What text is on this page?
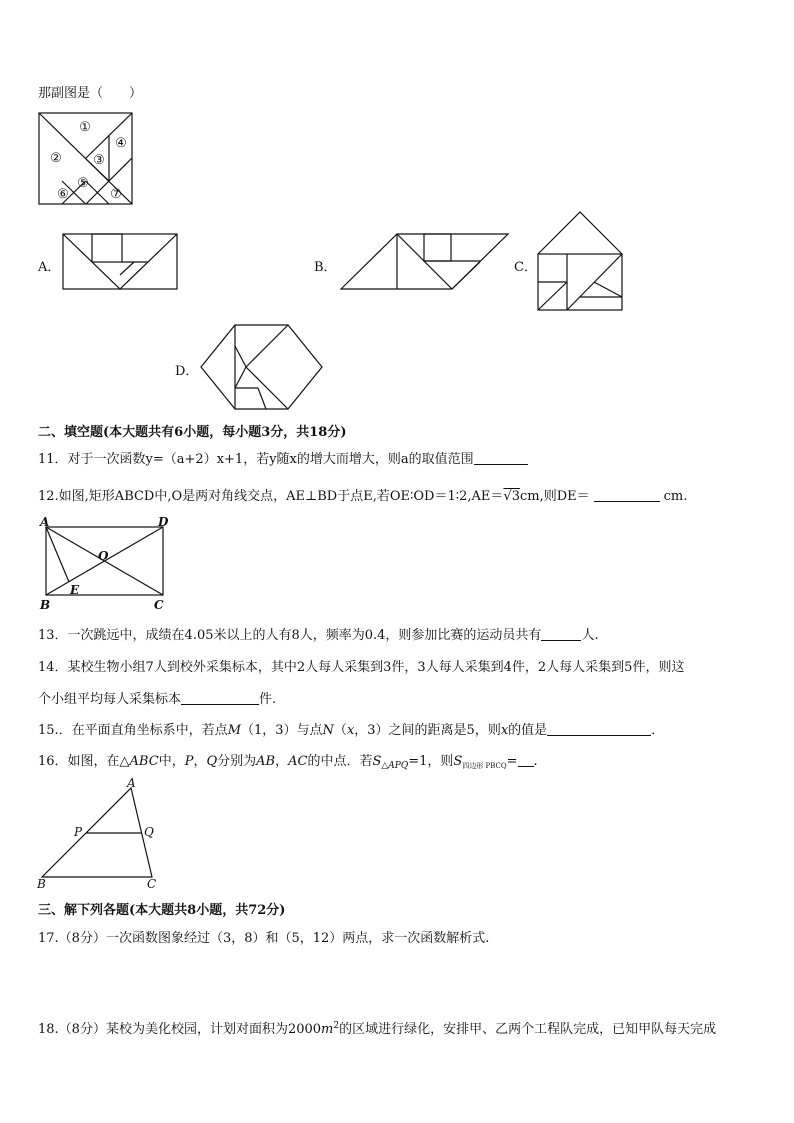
那副图是（　　）
①
② ③
④
⑤
⑥	⑦
A．	B．	C．
D．
二、填空题(本大题共有6小题，每小题3分，共18分)
11．对于一次函数y=（a+2）x+1，若y随x的增大而增大，则a的取值范围
12.如图,矩形ABCD中,O是两对角线交点，AE⊥BD于点E,若OE∶OD＝1∶2,AE＝√3cm,则DE＝	cm.
A	D
O
E
B	C
13．一次跳远中，成绩在4.05米以上的人有8人，频率为0.4，则参加比赛的运动员共有	人.
14．某校生物小组7人到校外采集标本，其中2人每人采集到3件，3人每人采集到4件，2人每人采集到5件，则这
个小组平均每人采集标本	件.
15.．在平面直角坐标系中，若点M（1，3）与点N（x，3）之间的距离是5，则x的值是	．
16．如图，在△ABC中，P，Q分别为AB，AC的中点．若$S_{\triangle APQ}=1$，则$S_{四边形 PBCQ}=$ .
A
P	Q
B	C
三、解下列各题(本大题共8小题，共72分)
17.（8分）一次函数图象经过（3，8）和（5，12）两点，求一次函数解析式.
18.（8分）某校为美化校园，计划对面积为$2000m^2$的区域进行绿化，安排甲、乙两个工程队完成，已知甲队每天完成
